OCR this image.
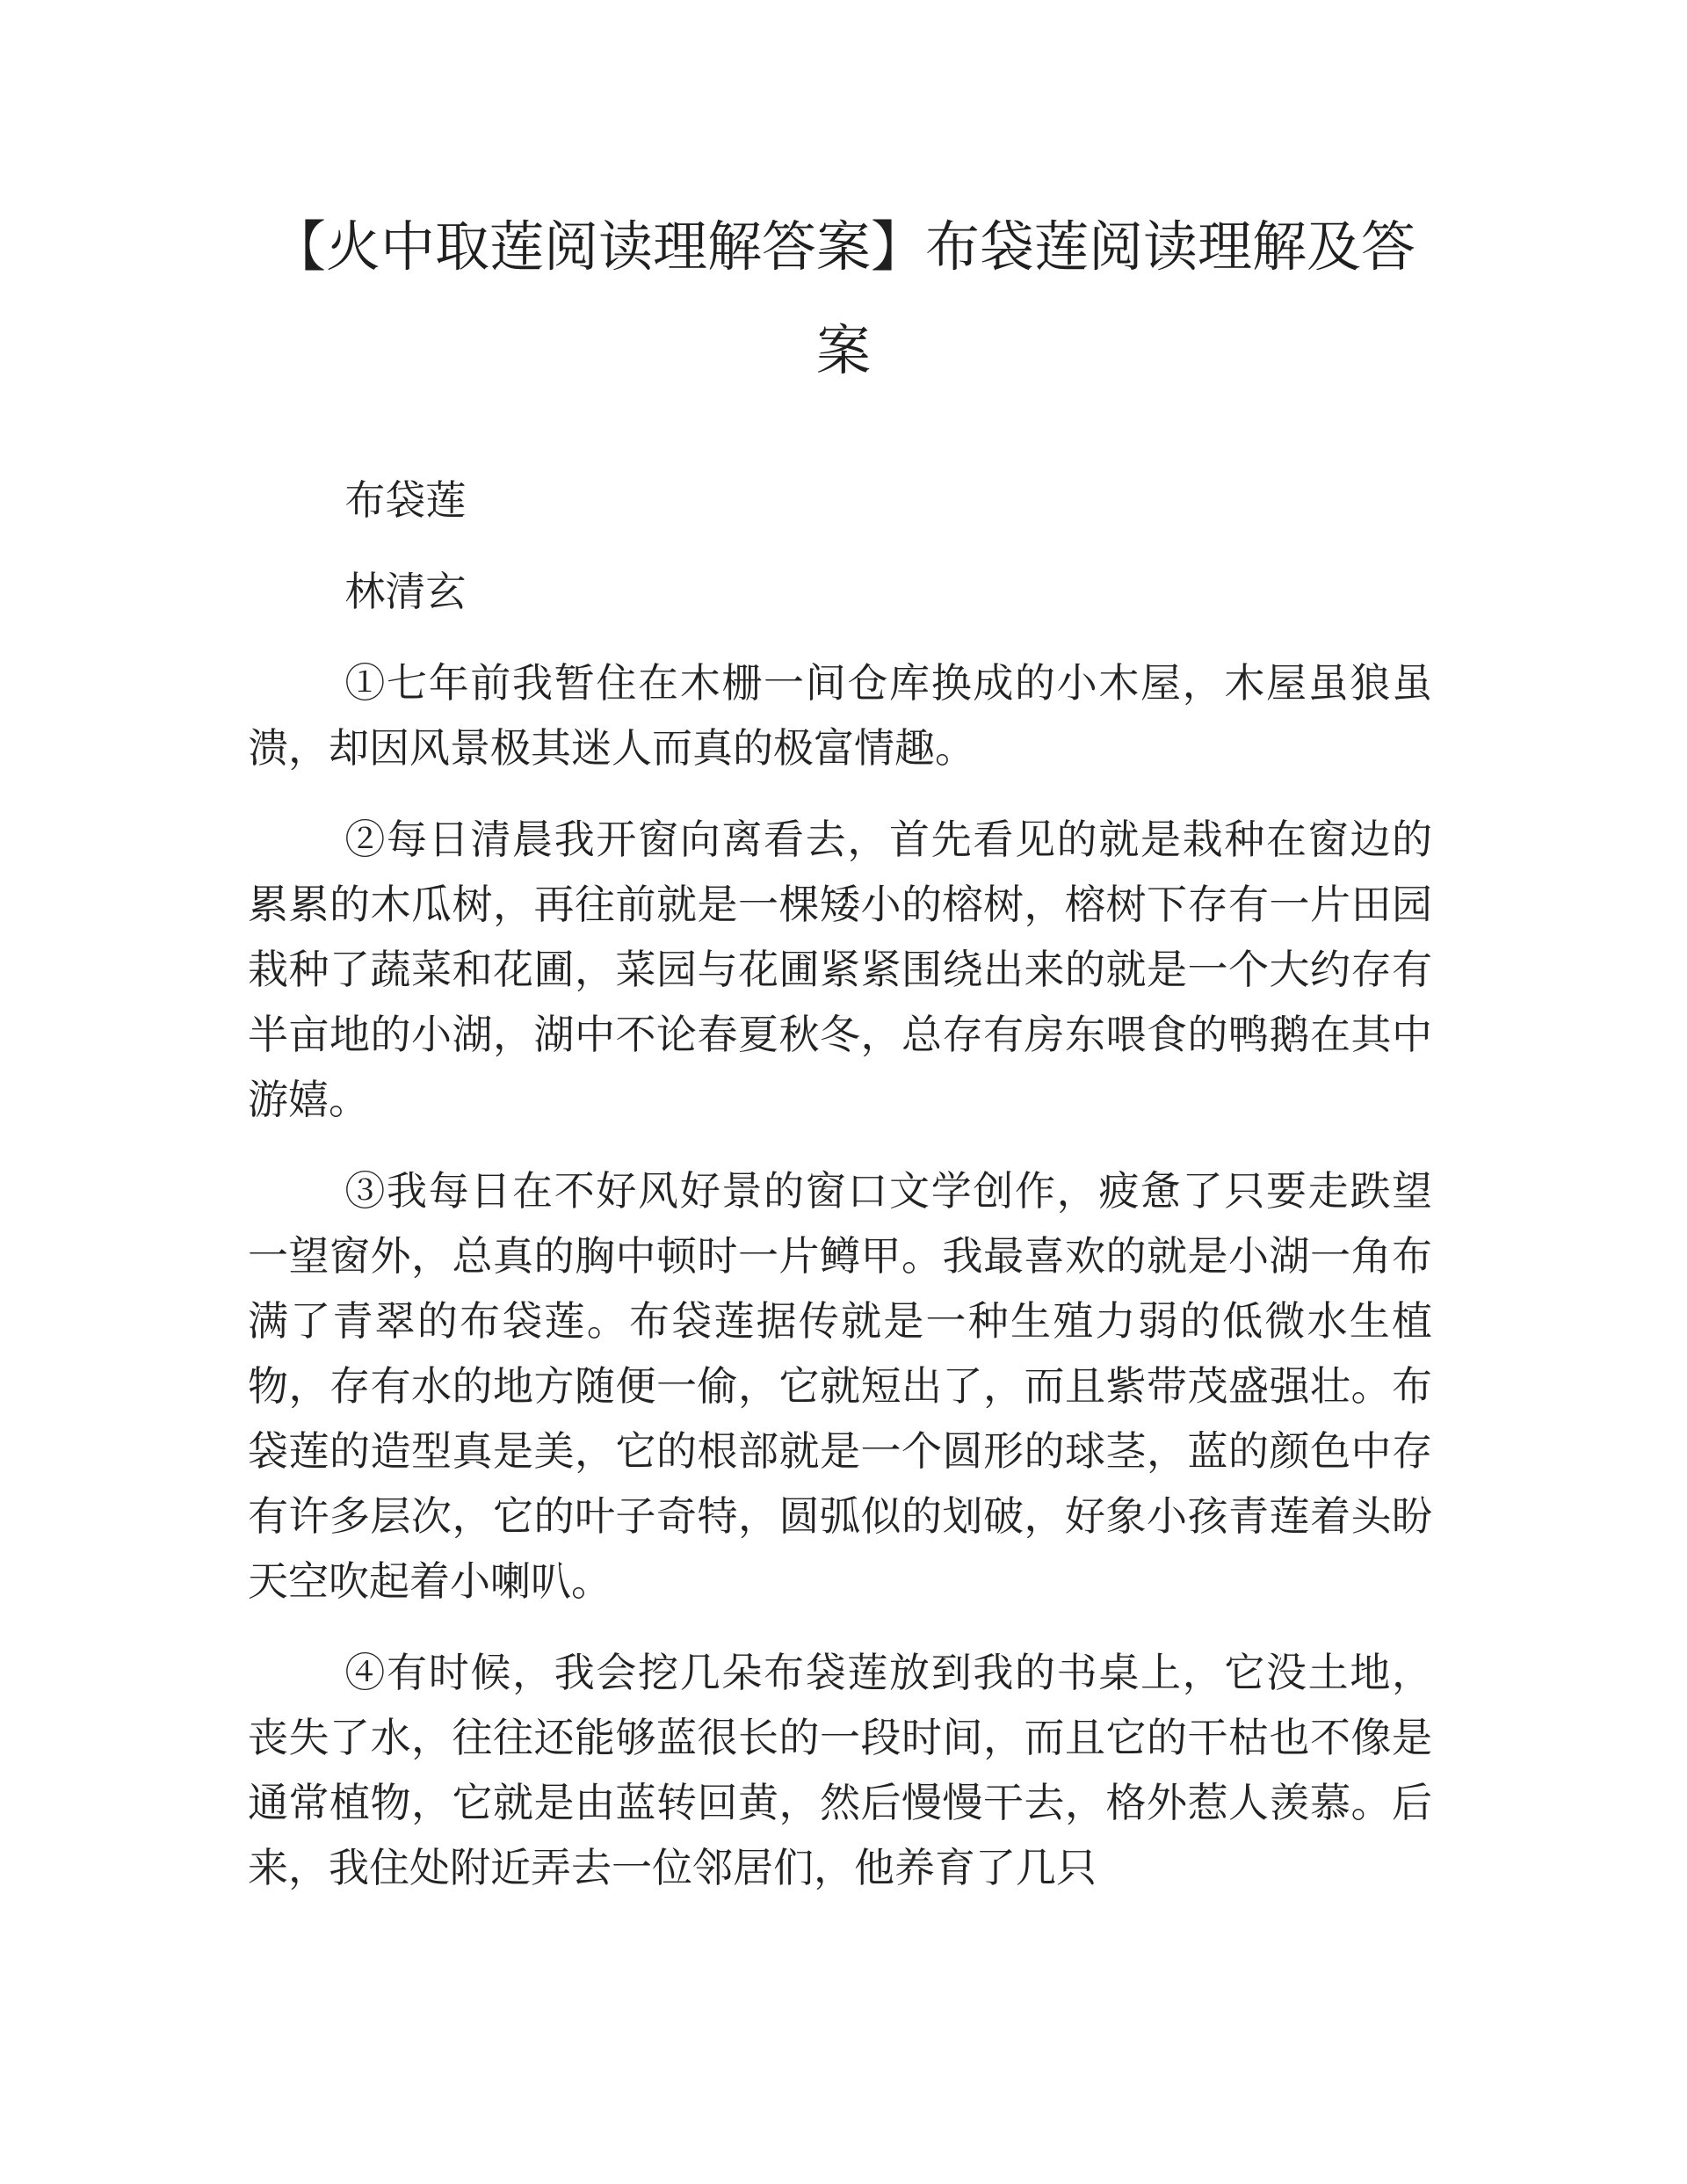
【火中取莲阅读理解答案】布袋莲阅读理解及答案

布袋莲

林清玄

①七年前我暂住在木栅一间仓库换成的小木屋，木屋虽狼虽溃，却因风景极其迷人而真的极富情趣。

②每日清晨我开窗向离看去，首先看见的就是栽种在窗边的累累的木瓜树，再往前就是一棵矮小的榕树，榕树下存有一片田园栽种了蔬菜和花圃，菜园与花圃紧紧围绕出来的就是一个大约存有半亩地的小湖，湖中不论春夏秋冬，总存有房东喂食的鸭鹅在其中游嬉。

③我每日在不好风好景的窗口文学创作，疲惫了只要走跌望一望窗外，总真的胸中顿时一片鳟甲。我最喜欢的就是小湖一角布满了青翠的布袋莲。布袋莲据传就是一种生殖力弱的低微水生植物，存有水的地方随便一偷，它就短出了，而且紫带茂盛强壮。布袋莲的造型真是美，它的根部就是一个圆形的球茎，蓝的颜色中存有许多层次，它的叶子奇特，圆弧似的划破，好象小孩青莲着头盼天空吹起着小喇叭。

④有时候，我会挖几朵布袋莲放到我的书桌上，它没土地，丧失了水，往往还能够蓝很长的一段时间，而且它的干枯也不像是通常植物，它就是由蓝转回黄，然后慢慢干去，格外惹人羡慕。后来，我住处附近弄去一位邻居们，他养育了几只
